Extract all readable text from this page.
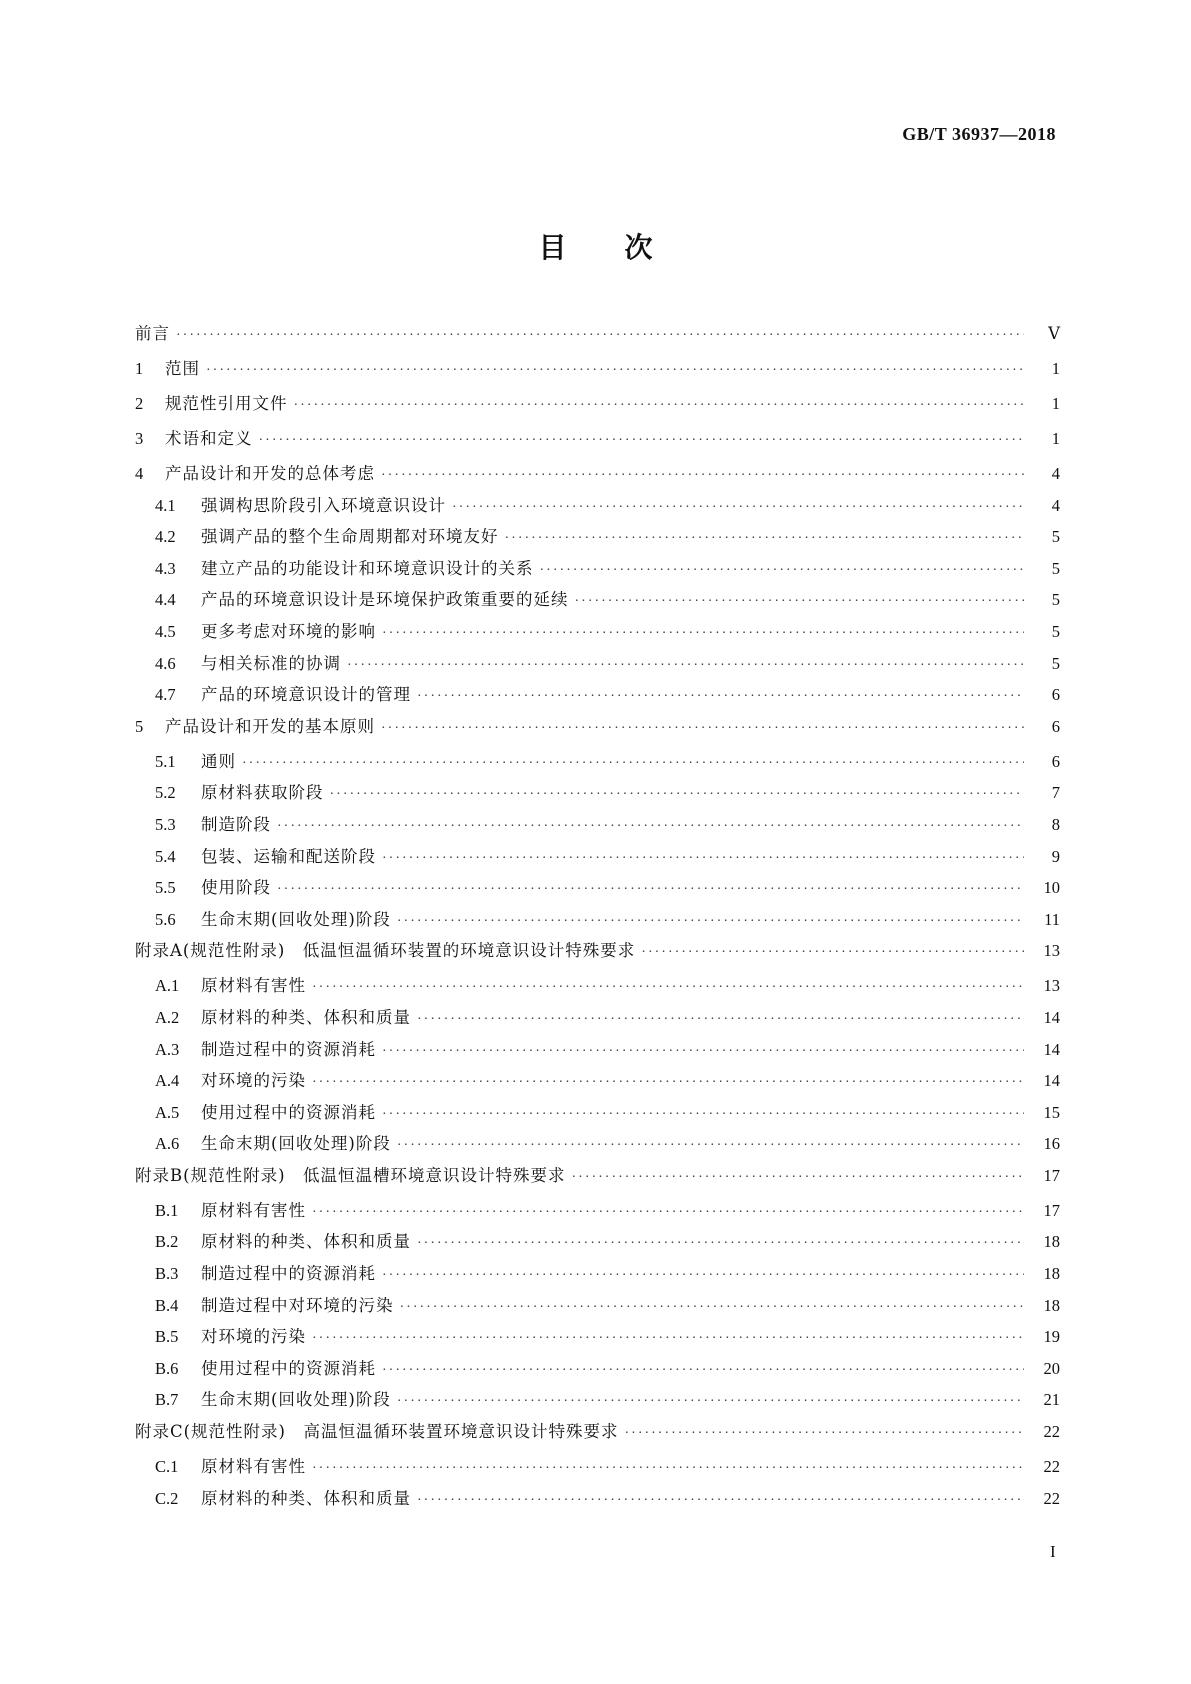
GB/T 36937—2018
目 次
前言 ·····	Ⅴ
1	范围 ·····	1
2	规范性引用文件 ·····	1
3	术语和定义 ·····	1
4	产品设计和开发的总体考虑 ·····	4
4.1	强调构思阶段引入环境意识设计 ·····	4
4.2	强调产品的整个生命周期都对环境友好 ·····	5
4.3	建立产品的功能设计和环境意识设计的关系 ·····	5
4.4	产品的环境意识设计是环境保护政策重要的延续 ·····	5
4.5	更多考虑对环境的影响 ·····	5
4.6	与相关标准的协调 ·····	5
4.7	产品的环境意识设计的管理 ·····	6
5	产品设计和开发的基本原则 ·····	6
5.1	通则 ·····	6
5.2	原材料获取阶段 ·····	7
5.3	制造阶段 ·····	8
5.4	包装、运输和配送阶段 ·····	9
5.5	使用阶段 ·····	10
5.6	生命末期(回收处理)阶段 ·····	11
附录A(规范性附录)　低温恒温循环装置的环境意识设计特殊要求 ·····	13
A.1	原材料有害性 ·····	13
A.2	原材料的种类、体积和质量 ·····	14
A.3	制造过程中的资源消耗 ·····	14
A.4	对环境的污染 ·····	14
A.5	使用过程中的资源消耗 ·····	15
A.6	生命末期(回收处理)阶段 ·····	16
附录B(规范性附录)　低温恒温槽环境意识设计特殊要求 ·····	17
B.1	原材料有害性 ·····	17
B.2	原材料的种类、体积和质量 ·····	18
B.3	制造过程中的资源消耗 ·····	18
B.4	制造过程中对环境的污染 ·····	18
B.5	对环境的污染 ·····	19
B.6	使用过程中的资源消耗 ·····	20
B.7	生命末期(回收处理)阶段 ·····	21
附录C(规范性附录)　高温恒温循环装置环境意识设计特殊要求 ·····	22
C.1	原材料有害性 ·····	22
C.2	原材料的种类、体积和质量 ·····	22
I
